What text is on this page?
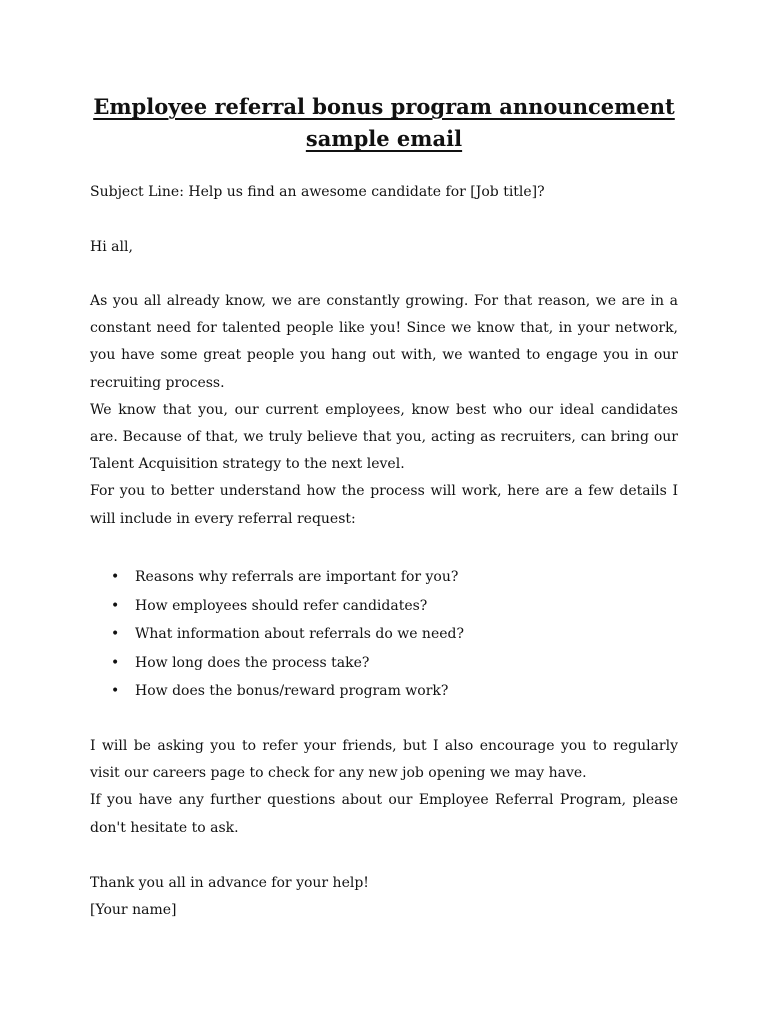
Employee referral bonus program announcement
sample email

Subject Line: Help us find an awesome candidate for [Job title]?

Hi all,

As you all already know, we are constantly growing. For that reason, we are in a constant need for talented people like you! Since we know that, in your network, you have some great people you hang out with, we wanted to engage you in our recruiting process.
We know that you, our current employees, know best who our ideal candidates are. Because of that, we truly believe that you, acting as recruiters, can bring our Talent Acquisition strategy to the next level.
For you to better understand how the process will work, here are a few details I will include in every referral request:
• Reasons why referrals are important for you?
• How employees should refer candidates?
• What information about referrals do we need?
• How long does the process take?
• How does the bonus/reward program work?
I will be asking you to refer your friends, but I also encourage you to regularly visit our careers page to check for any new job opening we may have.
If you have any further questions about our Employee Referral Program, please don't hesitate to ask.
Thank you all in advance for your help!
[Your name]
